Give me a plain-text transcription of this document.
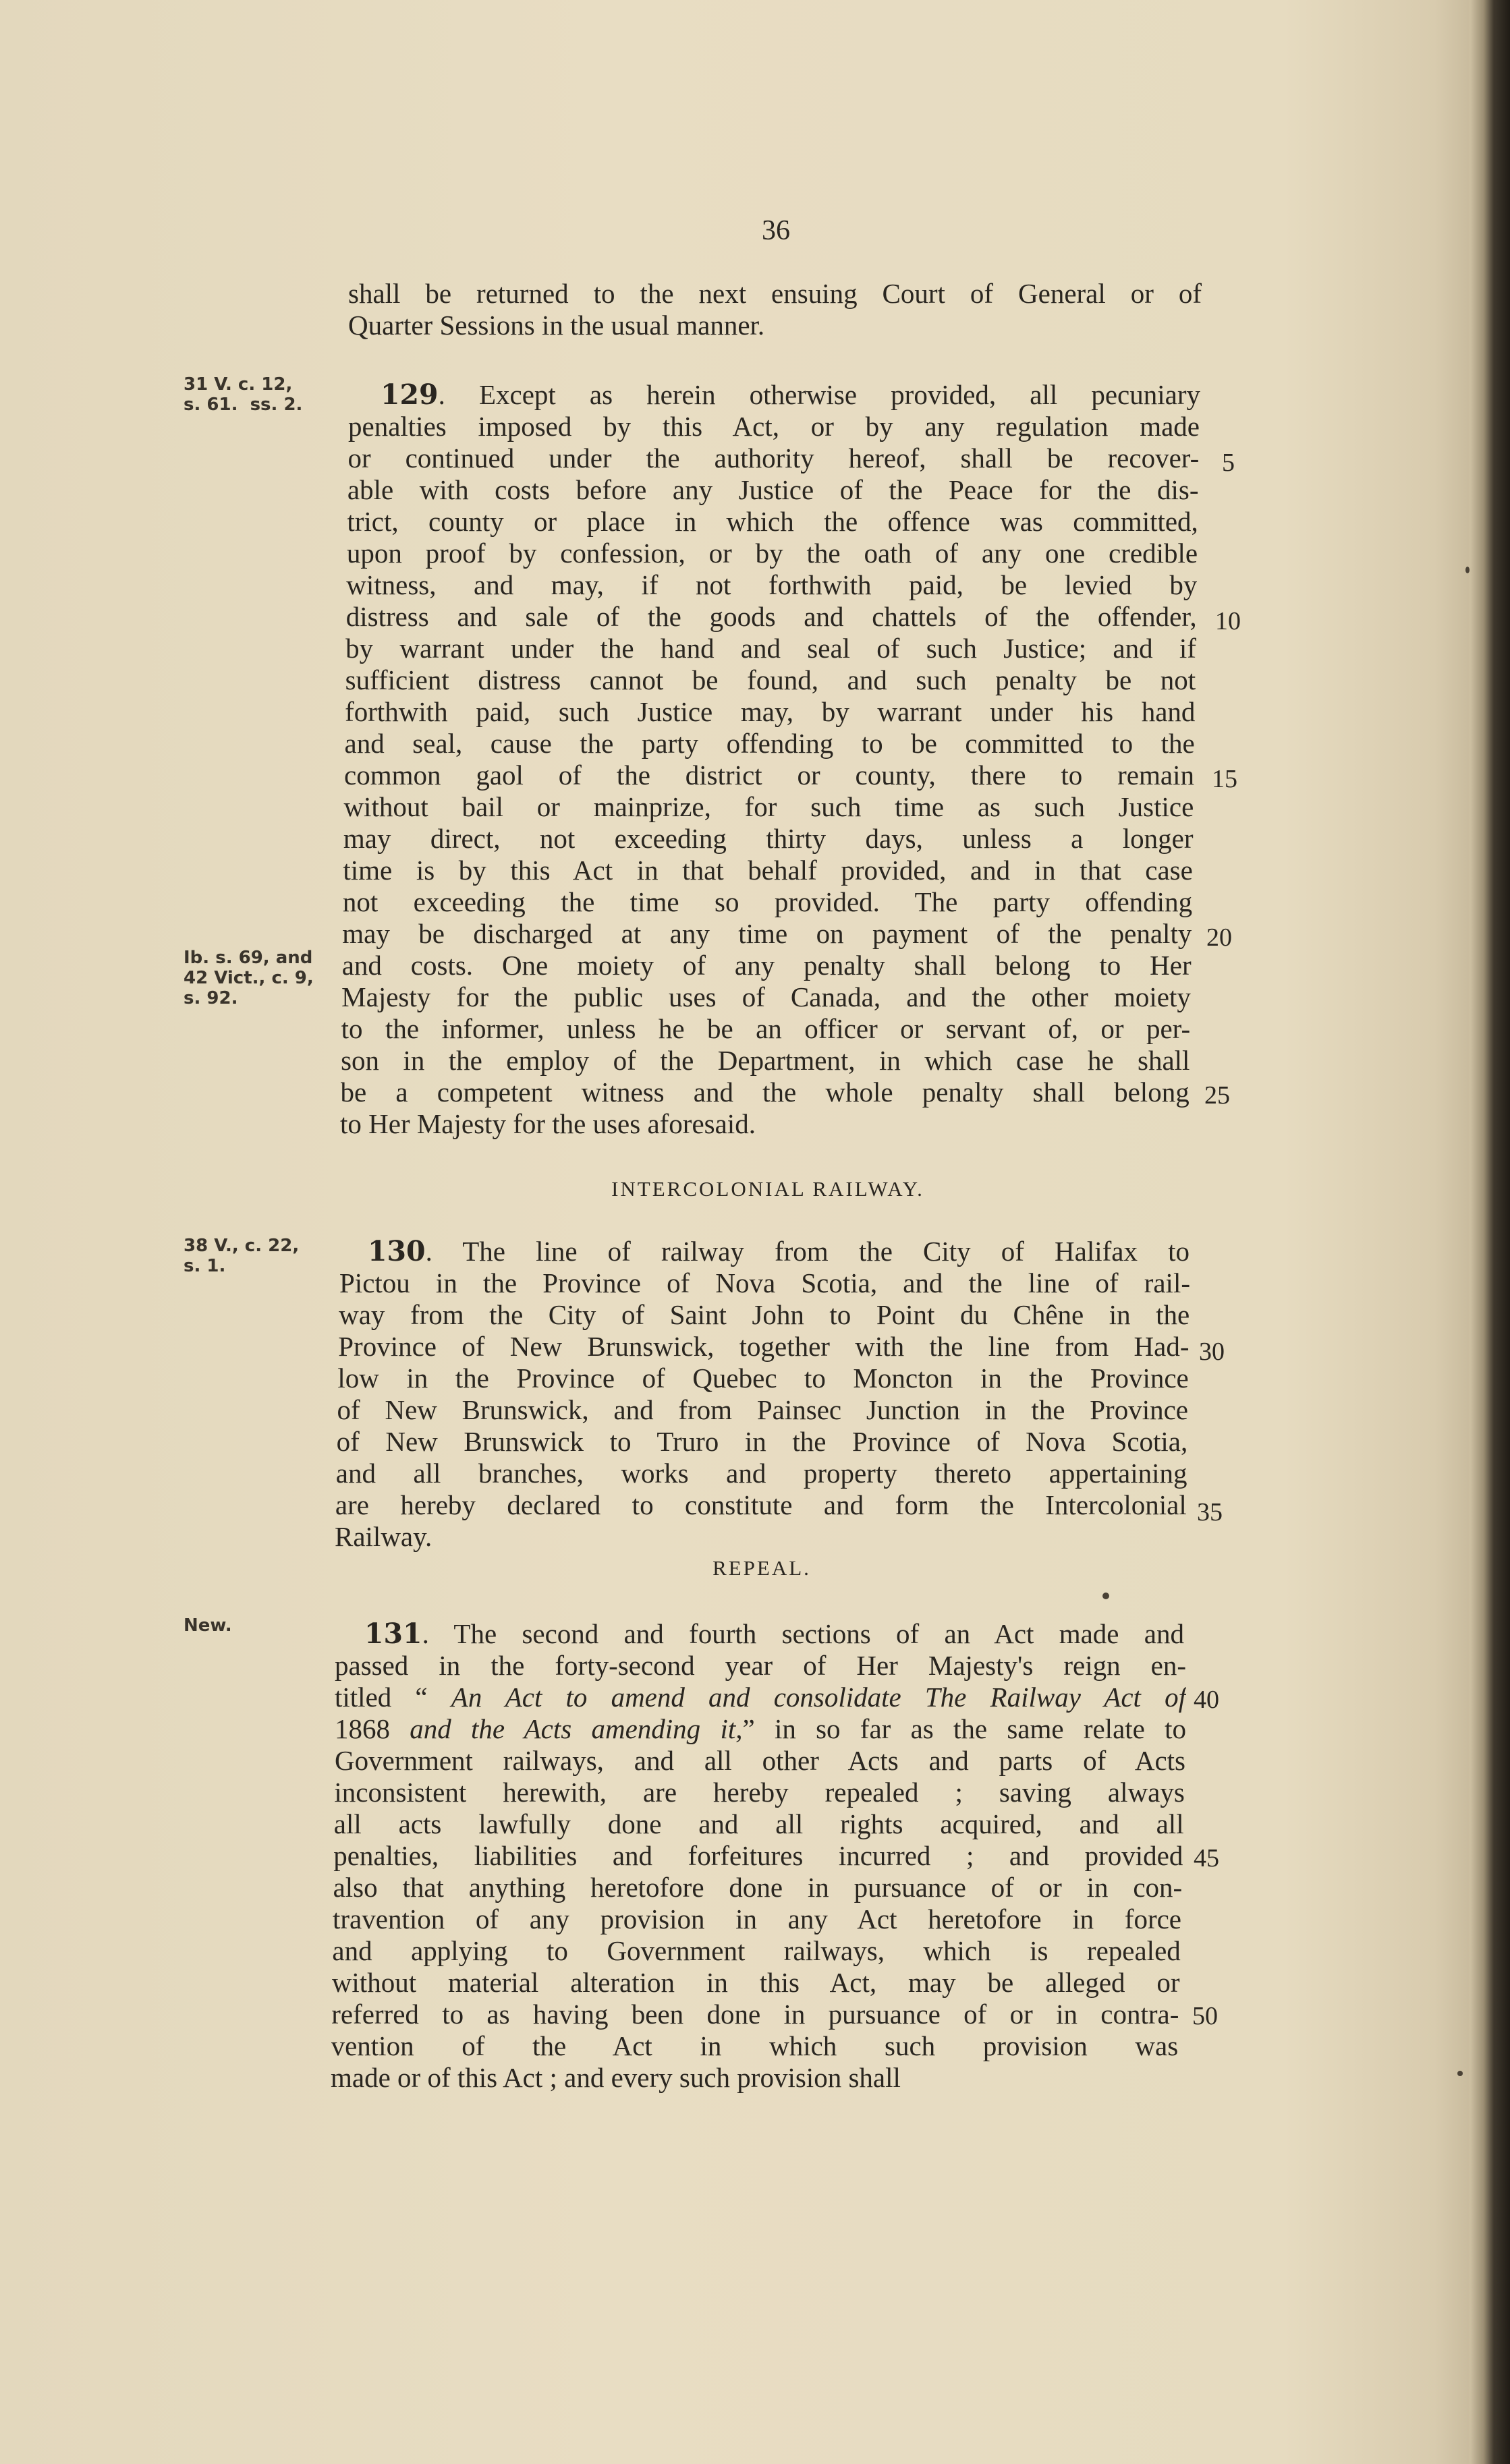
36
shall be returned to the next ensuing Court of General or of
Quarter Sessions in the usual manner.
31 V. c. 12,
s. 61.  ss. 2.	129. Except as herein otherwise provided, all pecuniary
penalties imposed by this Act, or by any regulation made
or continued under the authority hereof, shall be recover-
able with costs before any Justice of the Peace for the dis-
trict, county or place in which the offence was committed,
upon proof by confession, or by the oath of any one credible
witness, and may, if not forthwith paid, be levied by
distress and sale of the goods and chattels of the offender,
by warrant under the hand and seal of such Justice; and if
sufficient distress cannot be found, and such penalty be not
forthwith paid, such Justice may, by warrant under his hand
and seal, cause the party offending to be committed to the
common gaol of the district or county, there to remain
without bail or mainprize, for such time as such Justice
may direct, not exceeding thirty days, unless a longer
time is by this Act in that behalf provided, and in that case
not exceeding the time so provided. The party offending
may be discharged at any time on payment of the penalty
and costs. One moiety of any penalty shall belong to Her
Majesty for the public uses of Canada, and the other moiety
to the informer, unless he be an officer or servant of, or per-
son in the employ of the Department, in which case he shall
be a competent witness and the whole penalty shall belong
to Her Majesty for the uses aforesaid.
Ib. s. 69, and
42 Vict., c. 9,
s. 92.
INTERCOLONIAL RAILWAY.
38 V., c. 22,
s. 1.	130. The line of railway from the City of Halifax to
Pictou in the Province of Nova Scotia, and the line of rail-
way from the City of Saint John to Point du Chêne in the
Province of New Brunswick, together with the line from Had-
low in the Province of Quebec to Moncton in the Province
of New Brunswick, and from Painsec Junction in the Province
of New Brunswick to Truro in the Province of Nova Scotia,
and all branches, works and property thereto appertaining
are hereby declared to constitute and form the Intercolonial
Railway.
REPEAL.
New.	131. The second and fourth sections of an Act made and
passed in the forty-second year of Her Majesty's reign en-
titled “ An Act to amend and consolidate The Railway Act of
1868 and the Acts amending it,” in so far as the same relate to
Government railways, and all other Acts and parts of Acts
inconsistent herewith, are hereby repealed ; saving always
all acts lawfully done and all rights acquired, and all
penalties, liabilities and forfeitures incurred ; and provided
also that anything heretofore done in pursuance of or in con-
travention of any provision in any Act heretofore in force
and applying to Government railways, which is repealed
without material alteration in this Act, may be alleged or
referred to as having been done in pursuance of or in contra-
vention of the Act in which such provision was
made or of this Act ; and every such provision shall
5
10
15
20
25
30
35
40
45
50
